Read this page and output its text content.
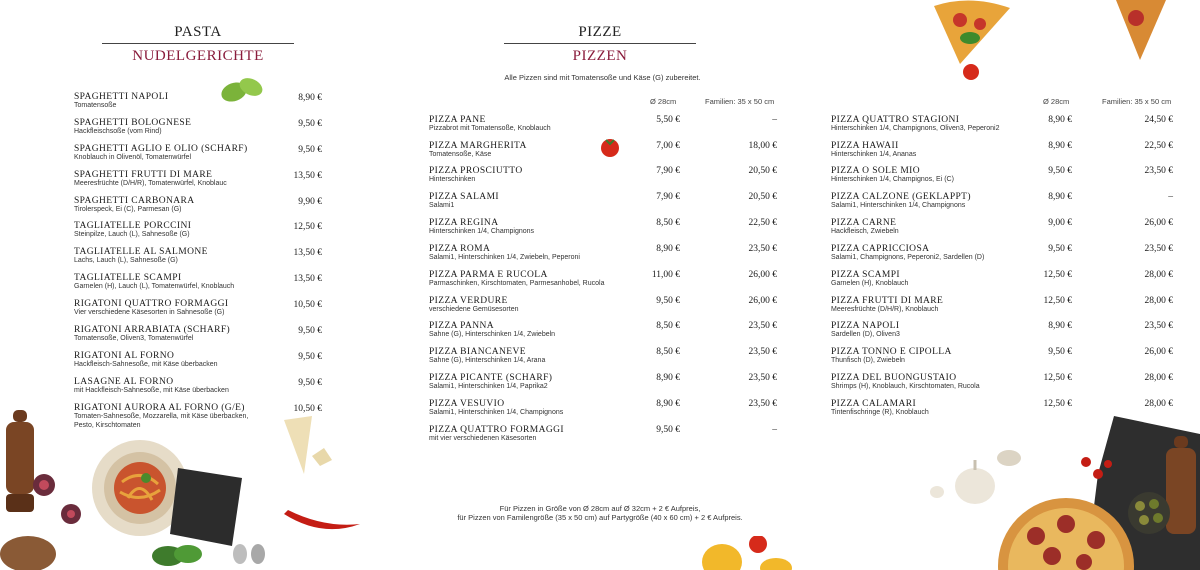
PASTA
NUDELGERICHTE
PIZZE
PIZZEN
Alle Pizzen sind mit Tomatensoße und Käse (G) zubereitet.
Ø 28cm	Familien: 35 x 50 cm	Ø 28cm	Familien: 35 x 50 cm
SPAGHETTI NAPOLI
Tomatensoße
8,90 €
SPAGHETTI BOLOGNESE
Hackfleischsoße (vom Rind)
9,50 €
SPAGHETTI AGLIO E OLIO (SCHARF)
Knoblauch in Olivenöl, Tomatenwürfel
9,50 €
SPAGHETTI FRUTTI DI MARE
Meeresfrüchte (D/H/R), Tomatenwürfel, Knoblauc
13,50 €
SPAGHETTI CARBONARA
Tirolerspeck, Ei (C), Parmesan (G)
9,90 €
TAGLIATELLE PORCCINI
Steinpilze, Lauch (L), Sahnesoße (G)
12,50 €
TAGLIATELLE AL SALMONE
Lachs, Lauch (L), Sahnesoße (G)
13,50 €
TAGLIATELLE SCAMPI
Garnelen (H), Lauch (L), Tomatenwürfel, Knoblauch
13,50 €
RIGATONI QUATTRO FORMAGGI
Vier verschiedene Käsesorten in Sahnesoße (G)
10,50 €
RIGATONI ARRABIATA (SCHARF)
Tomatensoße, Oliven3, Tomatenwürfel
9,50 €
RIGATONI AL FORNO
Hackfleisch-Sahnesoße, mit Käse überbacken
9,50 €
LASAGNE AL FORNO
mit Hackfleisch-Sahnesoße, mit Käse überbacken
9,50 €
RIGATONI AURORA AL FORNO (G/E)
Tomaten-Sahnesoße, Mozzarella, mit Käse überbacken,
Pesto, Kirschtomaten
10,50 €
PIZZA PANE
Pizzabrot mit Tomatensoße, Knoblauch
5,50 €	–
PIZZA MARGHERITA
Tomatensoße, Käse
7,00 €	18,00 €
PIZZA PROSCIUTTO
Hinterschinken
7,90 €	20,50 €
PIZZA SALAMI
Salami1
7,90 €	20,50 €
PIZZA REGINA
Hinterschinken 1/4, Champignons
8,50 €	22,50 €
PIZZA ROMA
Salami1, Hinterschinken 1/4, Zwiebeln, Peperoni
8,90 €	23,50 €
PIZZA PARMA E RUCOLA
Parmaschinken, Kirschtomaten, Parmesanhobel, Rucola
11,00 €	26,00 €
PIZZA VERDURE
verschiedene Gemüsesorten
9,50 €	26,00 €
PIZZA PANNA
Sahne (G), Hinterschinken 1/4, Zwiebeln
8,50 €	23,50 €
PIZZA BIANCANEVE
Sahne (G), Hinterschinken 1/4, Arana
8,50 €	23,50 €
PIZZA PICANTE (SCHARF)
Salami1, Hinterschinken 1/4, Paprika2
8,90 €	23,50 €
PIZZA VESUVIO
Salami1, Hinterschinken 1/4, Champignons
8,90 €	23,50 €
PIZZA QUATTRO FORMAGGI
mit vier verschiedenen Käsesorten
9,50 €	–
PIZZA QUATTRO STAGIONI
Hinterschinken 1/4, Champignons, Oliven3, Peperoni2
8,90 €	24,50 €
PIZZA HAWAII
Hinterschinken 1/4, Ananas
8,90 €	22,50 €
PIZZA O SOLE MIO
Hinterschinken 1/4, Champignos, Ei (C)
9,50 €	23,50 €
PIZZA CALZONE (GEKLAPPT)
Salami1, Hinterschinken 1/4, Champignons
8,90 €	–
PIZZA CARNE
Hackfleisch, Zwiebeln
9,00 €	26,00 €
PIZZA CAPRICCIOSA
Salami1, Champignons, Peperoni2, Sardellen (D)
9,50 €	23,50 €
PIZZA SCAMPI
Garnelen (H), Knoblauch
12,50 €	28,00 €
PIZZA FRUTTI DI MARE
Meeresfrüchte (D/H/R), Knoblauch
12,50 €	28,00 €
PIZZA NAPOLI
Sardellen (D), Oliven3
8,90 €	23,50 €
PIZZA TONNO E CIPOLLA
Thunfisch (D), Zwiebeln
9,50 €	26,00 €
PIZZA DEL BUONGUSTAIO
Shrimps (H), Knoblauch, Kirschtomaten, Rucola
12,50 €	28,00 €
PIZZA CALAMARI
Tintenfischringe (R), Knoblauch
12,50 €	28,00 €
Für Pizzen in Größe von Ø 28cm auf Ø 32cm + 2 € Aufpreis,
für Pizzen von Familengröße (35 x 50 cm) auf Partygröße (40 x 60 cm) + 2 € Aufpreis.
